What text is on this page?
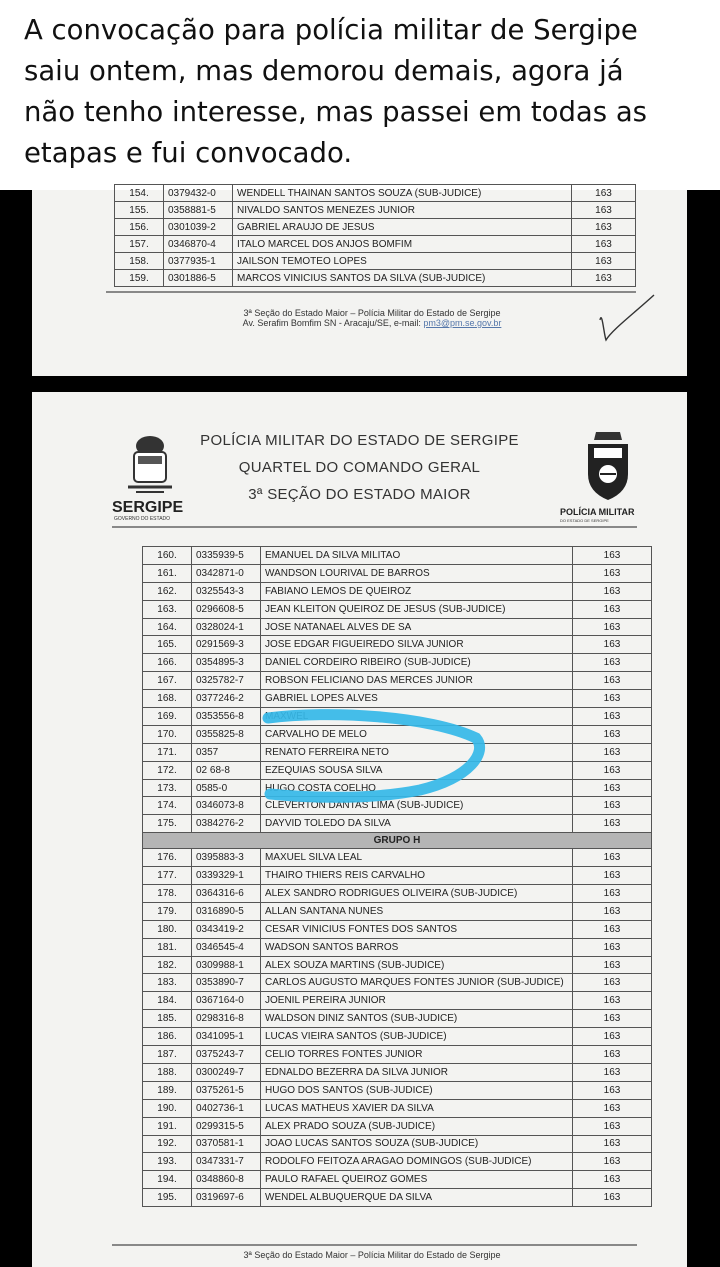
A convocação para polícia militar de Sergipe

saiu ontem, mas demorou demais, agora já

não tenho interesse, mas passei em todas as

etapas e fui convocado.

154.	0379432-0	WENDELL THAINAN SANTOS SOUZA (SUB-JUDICE)	163
155.	0358881-5	NIVALDO SANTOS MENEZES JUNIOR	163
156.	0301039-2	GABRIEL ARAUJO DE JESUS	163
157.	0346870-4	ITALO MARCEL DOS ANJOS BOMFIM	163
158.	0377935-1	JAILSON TEMOTEO LOPES	163
159.	0301886-5	MARCOS VINICIUS SANTOS DA SILVA (SUB-JUDICE)	163
3ª Seção do Estado Maior – Polícia Militar do Estado de Sergipe
Av. Serafim Bomfim SN - Aracaju/SE, e-mail: pm3@pm.se.gov.br
SERGIPE
GOVERNO DO ESTADO
POLÍCIA MILITAR DO ESTADO DE SERGIPE
QUARTEL DO COMANDO GERAL
3ª SEÇÃO DO ESTADO MAIOR
POLÍCIA MILITAR
DO ESTADO DE SERGIPE
160.	0335939-5	EMANUEL DA SILVA MILITAO	163
161.	0342871-0	WANDSON LOURIVAL DE BARROS	163
162.	0325543-3	FABIANO LEMOS DE QUEIROZ	163
163.	0296608-5	JEAN KLEITON QUEIROZ DE JESUS (SUB-JUDICE)	163
164.	0328024-1	JOSE NATANAEL ALVES DE SA	163
165.	0291569-3	JOSE EDGAR FIGUEIREDO SILVA JUNIOR	163
166.	0354895-3	DANIEL CORDEIRO RIBEIRO (SUB-JUDICE)	163
167.	0325782-7	ROBSON FELICIANO DAS MERCES JUNIOR	163
168.	0377246-2	GABRIEL LOPES ALVES	163
169.	0353556-8	MAXWEL	163
170.	0355825-8	CARVALHO DE MELO	163
171.	0357	RENATO FERREIRA NETO	163
172.	02 68-8	EZEQUIAS SOUSA SILVA	163
173.	0585-0	HUGO COSTA COELHO	163
174.	0346073-8	CLEVERTON DANTAS LIMA (SUB-JUDICE)	163
175.	0384276-2	DAYVID TOLEDO DA SILVA	163
GRUPO H			
176.	0395883-3	MAXUEL SILVA LEAL	163
177.	0339329-1	THAIRO THIERS REIS CARVALHO	163
178.	0364316-6	ALEX SANDRO RODRIGUES OLIVEIRA (SUB-JUDICE)	163
179.	0316890-5	ALLAN SANTANA NUNES	163
180.	0343419-2	CESAR VINICIUS FONTES DOS SANTOS	163
181.	0346545-4	WADSON SANTOS BARROS	163
182.	0309988-1	ALEX SOUZA MARTINS (SUB-JUDICE)	163
183.	0353890-7	CARLOS AUGUSTO MARQUES FONTES JUNIOR (SUB-JUDICE)	163
184.	0367164-0	JOENIL PEREIRA JUNIOR	163
185.	0298316-8	WALDSON DINIZ SANTOS (SUB-JUDICE)	163
186.	0341095-1	LUCAS VIEIRA SANTOS (SUB-JUDICE)	163
187.	0375243-7	CELIO TORRES FONTES JUNIOR	163
188.	0300249-7	EDNALDO BEZERRA DA SILVA JUNIOR	163
189.	0375261-5	HUGO DOS SANTOS (SUB-JUDICE)	163
190.	0402736-1	LUCAS MATHEUS XAVIER DA SILVA	163
191.	0299315-5	ALEX PRADO SOUZA (SUB-JUDICE)	163
192.	0370581-1	JOAO LUCAS SANTOS SOUZA (SUB-JUDICE)	163
193.	0347331-7	RODOLFO FEITOZA ARAGAO DOMINGOS (SUB-JUDICE)	163
194.	0348860-8	PAULO RAFAEL QUEIROZ GOMES	163
195.	0319697-6	WENDEL ALBUQUERQUE DA SILVA	163
3ª Seção do Estado Maior – Polícia Militar do Estado de Sergipe
